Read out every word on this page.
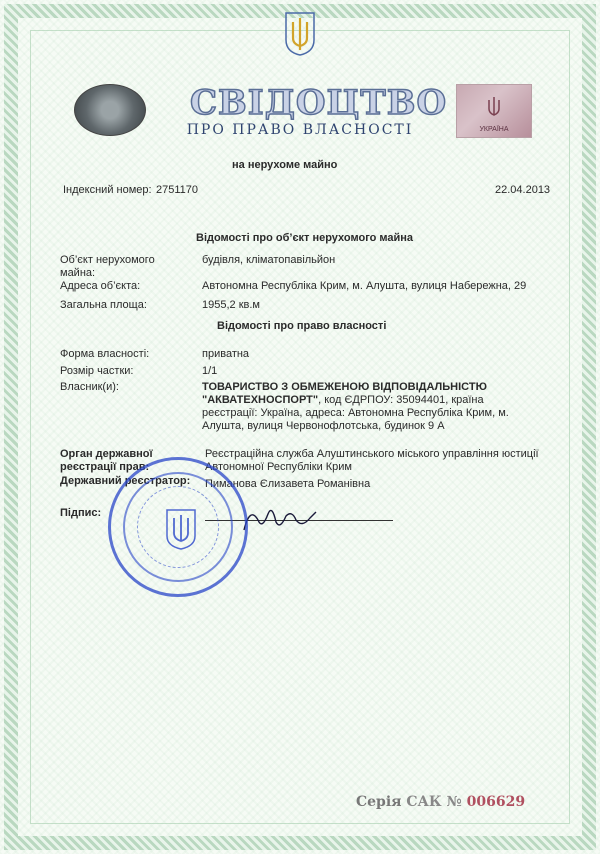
УКРАЇНА
СВІДОЦТВО
ПРО ПРАВО ВЛАСНОСТІ
на нерухоме майно
Індексний номер: 2751170	22.04.2013
Відомості про об’єкт нерухомого майна
Об’єкт нерухомого майна:
будівля, кліматопавільйон
Адреса об’єкта:	Автономна Республіка Крим, м. Алушта, вулиця Набережна, 29
Загальна площа:	1955,2 кв.м
Відомості про право власності
Форма власності:	приватна
Розмір частки:	1/1
Власник(и):	ТОВАРИСТВО З ОБМЕЖЕНОЮ ВІДПОВІДАЛЬНІСТЮ "АКВАТЕХНОСПОРТ", код ЄДРПОУ: 35094401, країна реєстрації: Україна, адреса: Автономна Республіка Крим, м. Алушта, вулиця Червонофлотська, будинок 9 А
Орган державної реєстрації прав:
Реєстраційна служба Алуштинського міського управління юстиції Автономної Республіки Крим
Державний реєстратор:	Пиманова Єлизавета Романівна
Підпис:
Серія САК № 006629
